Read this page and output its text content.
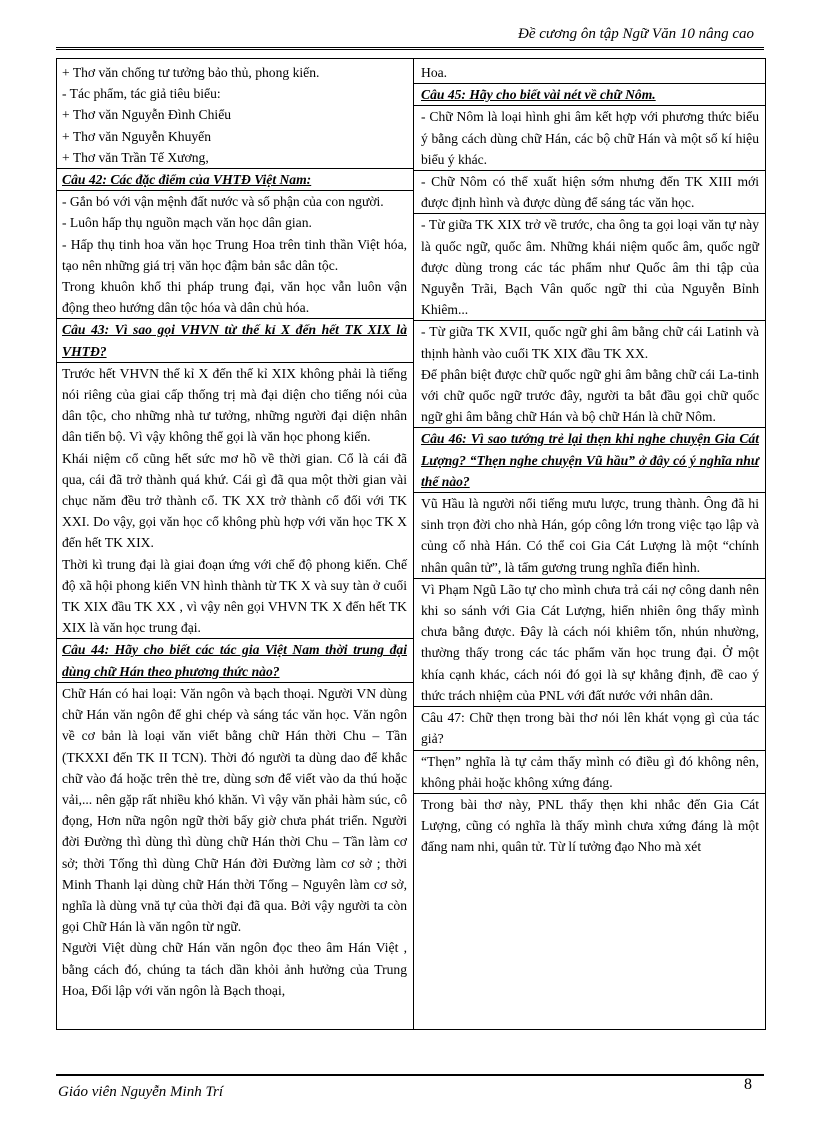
Đề cương ôn tập Ngữ Văn 10 nâng cao

+ Thơ văn chống tư tưởng bảo thủ, phong kiến.

- Tác phẩm, tác giả tiêu biểu:

+ Thơ văn Nguyễn Đình Chiểu

+ Thơ văn Nguyễn Khuyến

+ Thơ văn Trần Tế Xương,

Câu 42: Các đặc điểm của VHTĐ Việt Nam:

- Gắn bó với vận mệnh đất nước và số phận của con người.

- Luôn hấp thụ nguồn mạch văn học dân gian.

- Hấp thụ tinh hoa văn học Trung Hoa trên tinh thần Việt hóa, tạo nên những giá trị văn học đậm bản sắc dân tộc.

Trong khuôn khổ thi pháp trung đại, văn học vẫn luôn vận động theo hướng dân tộc hóa và dân chủ hóa.

Câu 43: Vì sao gọi VHVN từ thế kỉ X đến hết TK XIX là VHTĐ?

Trước hết VHVN thế kỉ X đến thế kỉ XIX không phải là tiếng nói riêng của giai cấp thống trị mà đại diện cho tiếng nói của dân tộc, cho những nhà tư tưởng, những người đại diện nhân dân tiến bộ. Vì vậy không thể gọi là văn học phong kiến.

Khái niệm cổ cũng hết sức mơ hồ về thời gian. Cổ là cái đã qua, cái đã trở thành quá khứ. Cái gì đã qua một thời gian vài chục năm đều trở thành cổ. TK XX trở thành cổ đối với TK XXI. Do vậy, gọi văn học cổ không phù hợp với văn học TK X đến hết TK XIX.

Thời kì trung đại là giai đoạn ứng với chế độ phong kiến. Chế độ xã hội phong kiến VN hình thành từ TK X và suy tàn ở cuối TK XIX đầu TK XX , vì vậy nên gọi VHVN TK X đến hết TK XIX là văn học trung đại.

Câu 44: Hãy cho biết các tác gia Việt Nam thời trung đại dùng chữ Hán theo phương thức nào?

Chữ Hán có hai loại: Văn ngôn và bạch thoại. Người VN dùng chữ Hán văn ngôn để ghi chép và sáng tác văn học. Văn ngôn về cơ bản là loại văn viết bằng chữ Hán thời Chu – Tần (TKXXI đến TK II TCN). Thời đó người ta dùng dao để khắc chữ vào đá hoặc trên thẻ tre, dùng sơn để viết vào da thú hoặc vải,... nên gặp rất nhiều khó khăn. Vì vậy văn phải hàm súc, cô đọng, Hơn nữa ngôn ngữ thời bấy giờ chưa phát triển. Người đời Đường thì dùng thì dùng chữ Hán thời Chu – Tần làm cơ sở; thời Tống thì dùng Chữ Hán đời Đường làm cơ sở ; thời Minh Thanh lại dùng chữ Hán thời Tống – Nguyên làm cơ sở, nghĩa là dùng vnă tự của thời đại đã qua. Bởi vậy người ta còn gọi Chữ Hán là văn ngôn từ ngữ.

Người Việt dùng chữ Hán văn ngôn đọc theo âm Hán Việt , bằng cách đó, chúng ta tách dần khỏi ảnh hưởng của Trung Hoa, Đối lập với văn ngôn là Bạch thoại,

Hoa.

Câu 45: Hãy cho biết vài nét về chữ Nôm.

- Chữ Nôm là loại hình ghi âm kết hợp với phương thức biểu ý bằng cách dùng chữ Hán, các bộ chữ Hán và một số kí hiệu biểu ý khác.

- Chữ Nôm có thể xuất hiện sớm nhưng đến TK XIII mới được định hình và được dùng để sáng tác văn học.

- Từ giữa TK XIX trở về trước, cha ông ta gọi loại văn tự này là quốc ngữ, quốc âm. Những khái niệm quốc âm, quốc ngữ được dùng trong các tác phẩm như Quốc âm thi tập của Nguyễn Trãi, Bạch Vân quốc ngữ thi của Nguyễn Bỉnh Khiêm...

- Từ giữa TK XVII, quốc ngữ ghi âm bằng chữ cái Latinh và thịnh hành vào cuối TK XIX đầu TK XX.

Để phân biệt được chữ quốc ngữ ghi âm bằng chữ cái La-tinh với chữ quốc ngữ trước đây, người ta bắt đầu gọi chữ quốc ngữ ghi âm bằng chữ Hán và bộ chữ Hán là chữ Nôm.

Câu 46: Vì sao tướng trẻ lại thẹn khi nghe chuyện Gia Cát Lượng? “Thẹn nghe chuyện Vũ hầu” ở đây có ý nghĩa như thế nào?

Vũ Hầu là người nổi tiếng mưu lược, trung thành. Ông đã hi sinh trọn đời cho nhà Hán, góp công lớn trong việc tạo lập và củng cố nhà Hán. Có thể coi Gia Cát Lượng là một “chính nhân quân tử”, là tấm gương trung nghĩa điển hình.

Vì Phạm Ngũ Lão tự cho mình chưa trả cái nợ công danh nên khi so sánh với Gia Cát Lượng, hiển nhiên ông thấy mình chưa bằng được. Đây là cách nói khiêm tốn, nhún nhường, thường thấy trong các tác phẩm văn học trung đại. Ở một khía cạnh khác, cách nói đó gọi là sự khẳng định, đề cao ý thức trách nhiệm của PNL với đất nước với nhân dân.

Câu 47: Chữ thẹn trong bài thơ nói lên khát vọng gì của tác giả?

“Thẹn” nghĩa là tự cảm thấy mình có điều gì đó không nên, không phải hoặc không xứng đáng.

Trong bài thơ này, PNL thấy thẹn khi nhắc đến Gia Cát Lượng, cũng có nghĩa là thấy mình chưa xứng đáng là một đấng nam nhi, quân tử. Từ lí tưởng đạo Nho mà xét

Giáo viên Nguyễn Minh Trí	8
